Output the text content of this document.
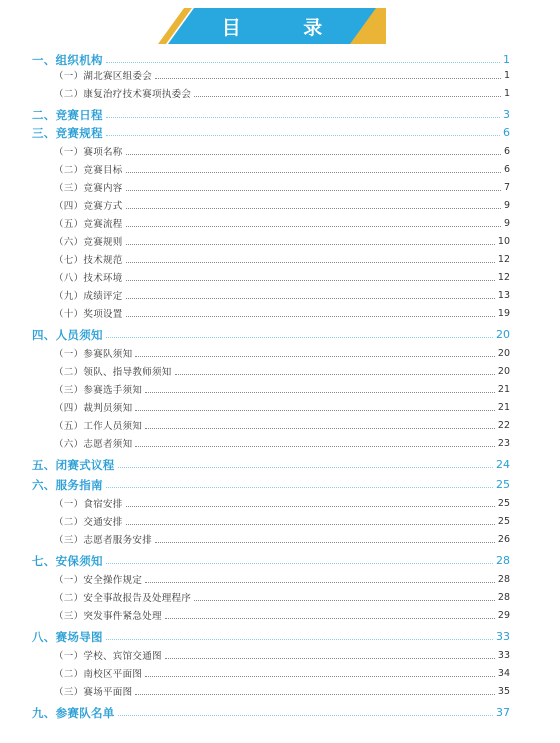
目 录
一、组织机构	1
（一）湖北赛区组委会	1
（二）康复治疗技术赛项执委会	1
二、竞赛日程	3
三、竞赛规程	6
（一）赛项名称	6
（二）竞赛目标	6
（三）竞赛内容	7
（四）竞赛方式	9
（五）竞赛流程	9
（六）竞赛规则	10
（七）技术规范	12
（八）技术环境	12
（九）成绩评定	13
（十）奖项设置	19
四、人员须知	20
（一）参赛队须知	20
（二）领队、指导教师须知	20
（三）参赛选手须知	21
（四）裁判员须知	21
（五）工作人员须知	22
（六）志愿者须知	23
五、闭赛式议程	24
六、服务指南	25
（一）食宿安排	25
（二）交通安排	25
（三）志愿者服务安排	26
七、安保须知	28
（一）安全操作规定	28
（二）安全事故报告及处理程序	28
（三）突发事件紧急处理	29
八、赛场导图	33
（一）学校、宾馆交通图	33
（二）南校区平面图	34
（三）赛场平面图	35
九、参赛队名单	37
